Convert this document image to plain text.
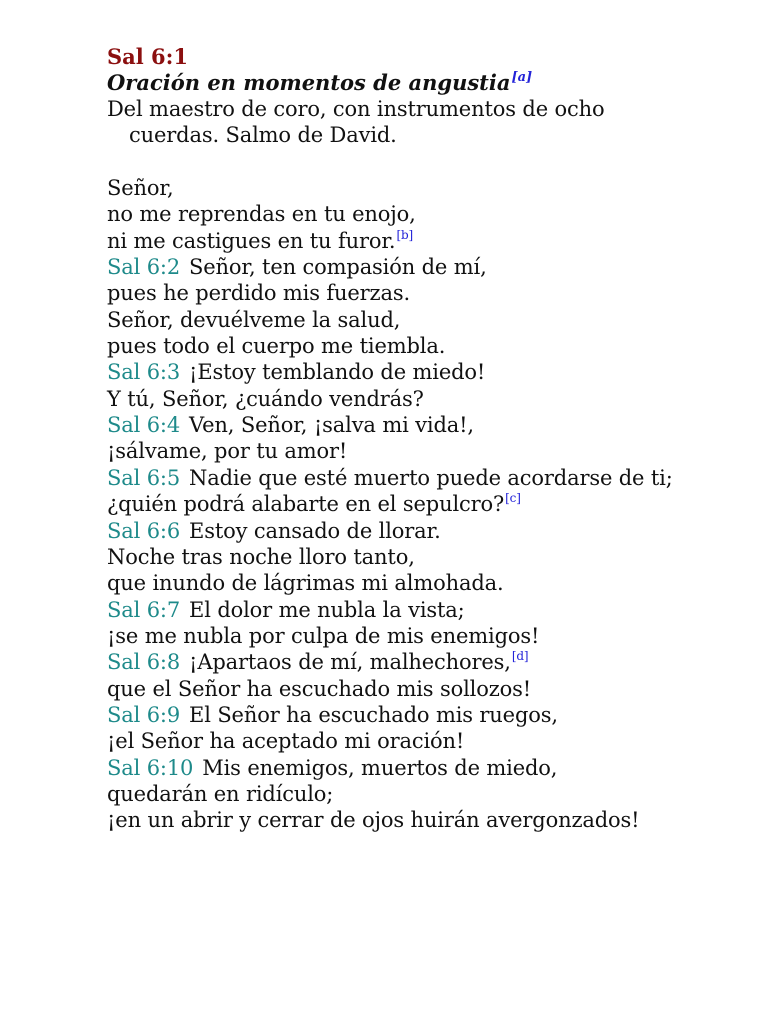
Sal 6:1
Oración en momentos de angustia[a]
Del maestro de coro, con instrumentos de ocho
cuerdas. Salmo de David.
Señor,
no me reprendas en tu enojo,
ni me castigues en tu furor.[b]
Sal 6:2 Señor, ten compasión de mí,
pues he perdido mis fuerzas.
Señor, devuélveme la salud,
pues todo el cuerpo me tiembla.
Sal 6:3 ¡Estoy temblando de miedo!
Y tú, Señor, ¿cuándo vendrás?
Sal 6:4 Ven, Señor, ¡salva mi vida!,
¡sálvame, por tu amor!
Sal 6:5 Nadie que esté muerto puede acordarse de ti;
¿quién podrá alabarte en el sepulcro?[c]
Sal 6:6 Estoy cansado de llorar.
Noche tras noche lloro tanto,
que inundo de lágrimas mi almohada.
Sal 6:7 El dolor me nubla la vista;
¡se me nubla por culpa de mis enemigos!
Sal 6:8 ¡Apartaos de mí, malhechores,[d]
que el Señor ha escuchado mis sollozos!
Sal 6:9 El Señor ha escuchado mis ruegos,
¡el Señor ha aceptado mi oración!
Sal 6:10 Mis enemigos, muertos de miedo,
quedarán en ridículo;
¡en un abrir y cerrar de ojos huirán avergonzados!
